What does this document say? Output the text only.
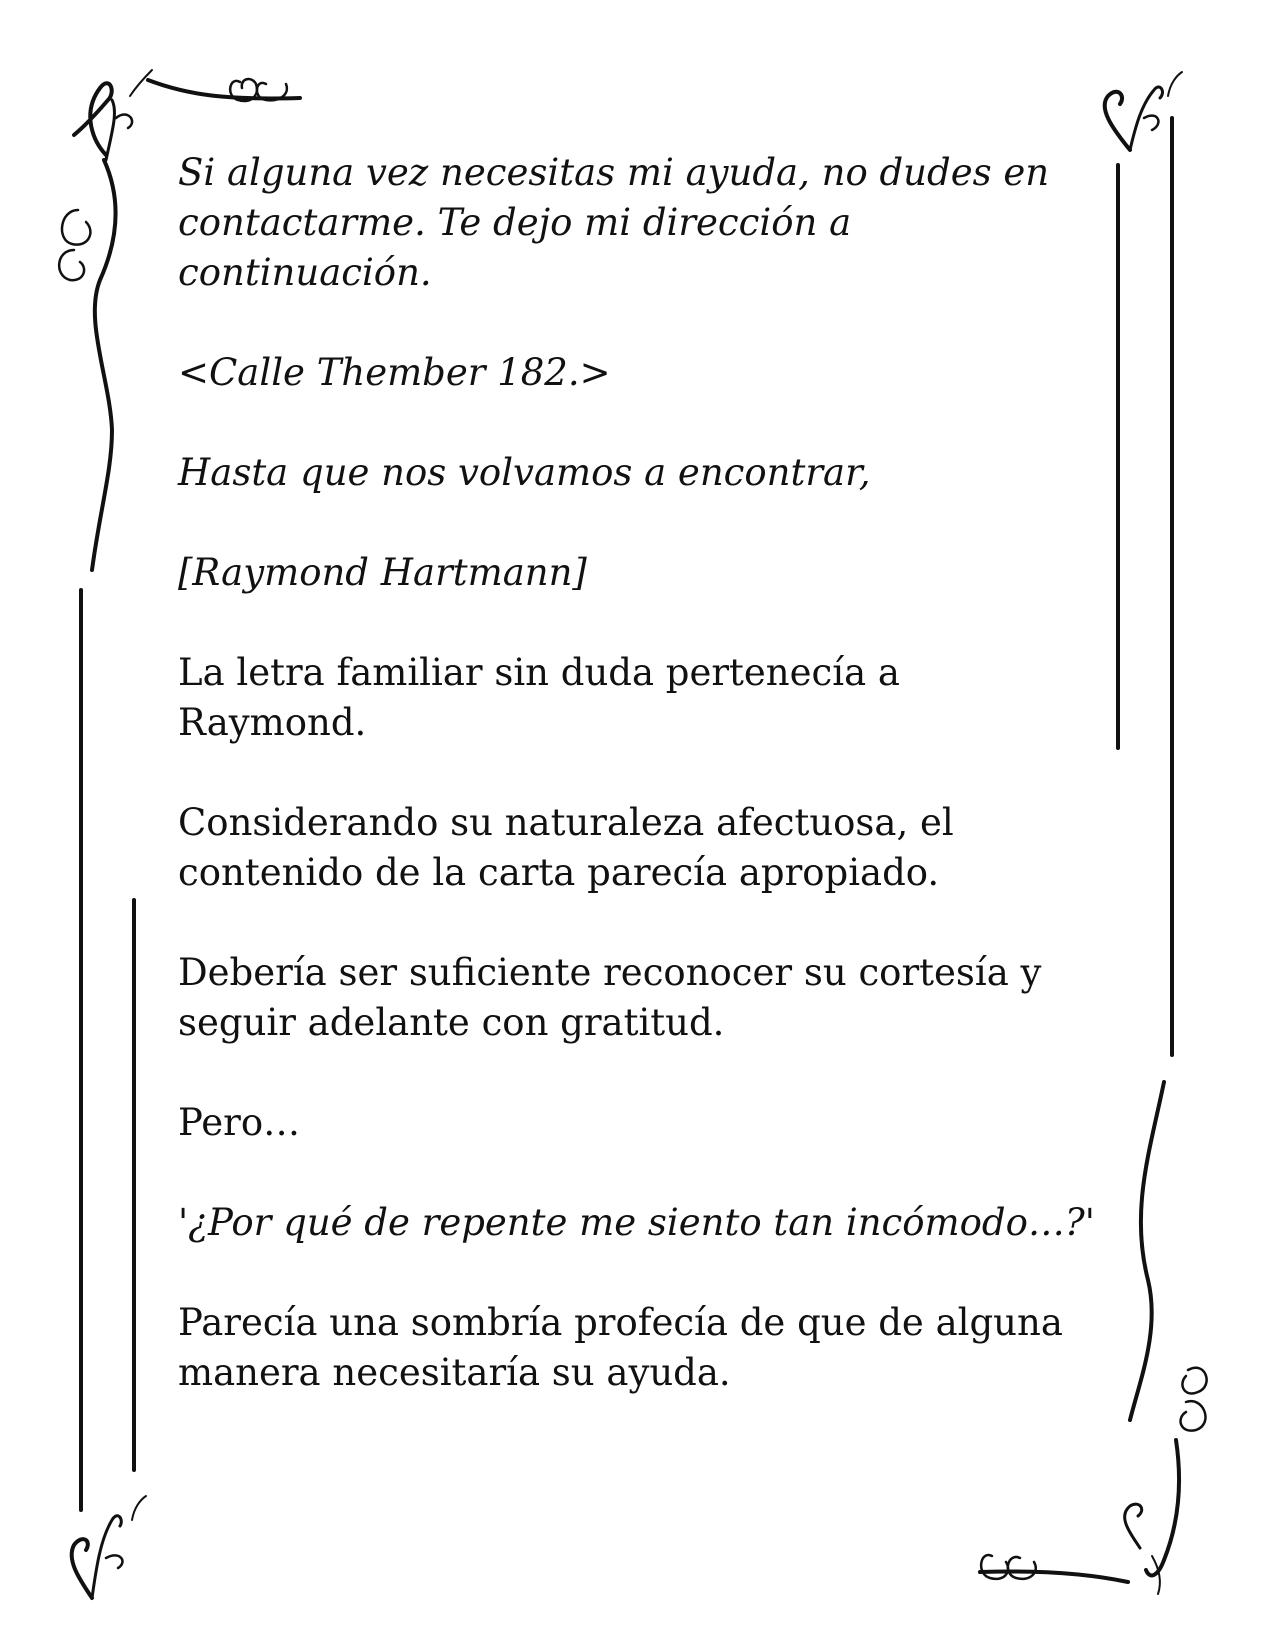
Si alguna vez necesitas mi ayuda, no dudes en contactarme. Te dejo mi dirección a continuación.

<Calle Thember 182.>

Hasta que nos volvamos a encontrar,

[Raymond Hartmann]

La letra familiar sin duda pertenecía a Raymond.

Considerando su naturaleza afectuosa, el contenido de la carta parecía apropiado.

Debería ser suficiente reconocer su cortesía y seguir adelante con gratitud.

Pero…

'¿Por qué de repente me siento tan incómodo…?'

Parecía una sombría profecía de que de alguna manera necesitaría su ayuda.
